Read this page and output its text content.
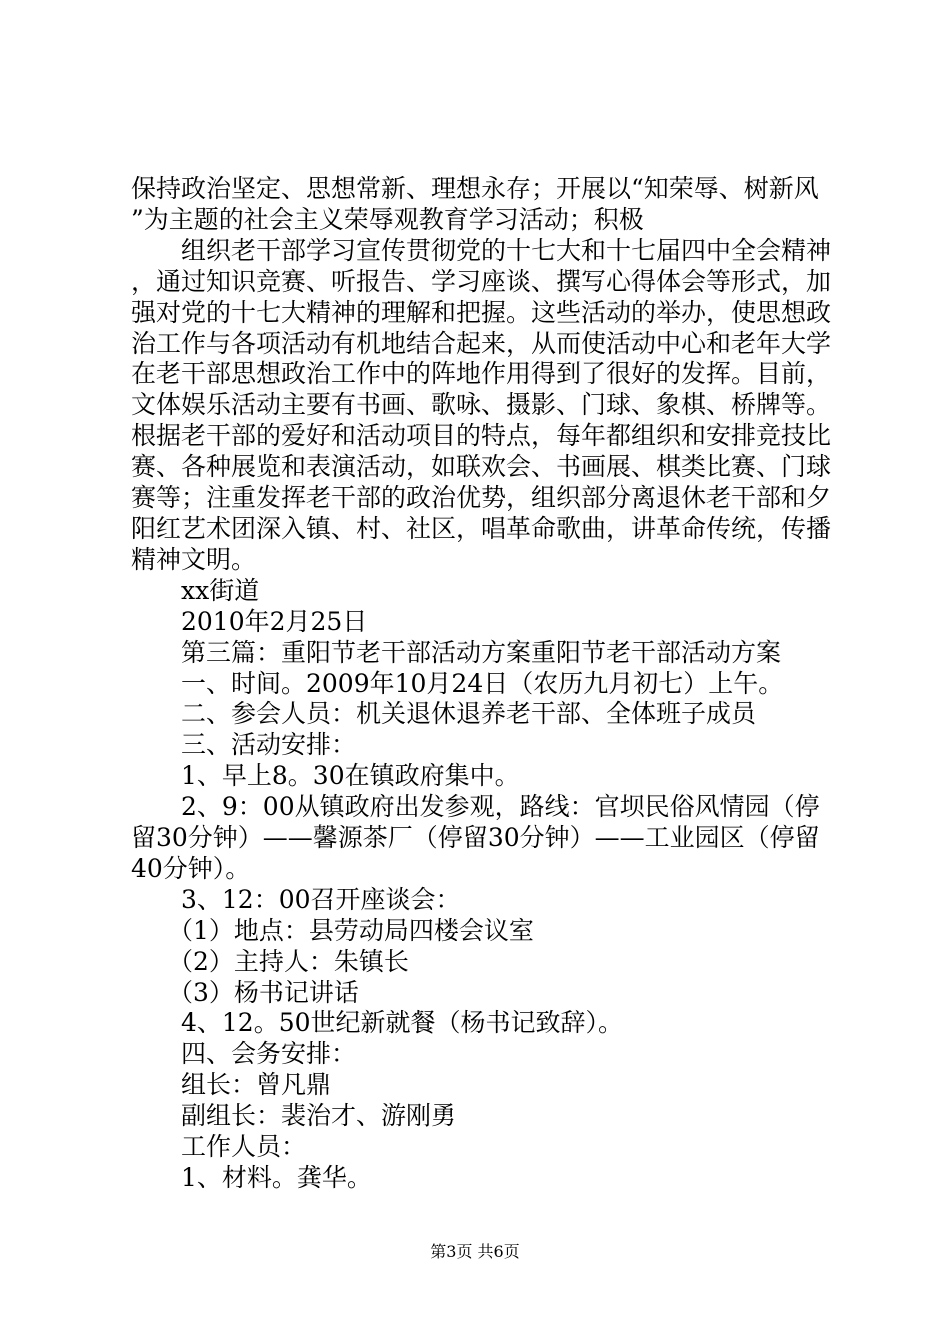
保持政治坚定、思想常新、理想永存；开展以“知荣辱、树新风”为主题的社会主义荣辱观教育学习活动；积极

组织老干部学习宣传贯彻党的十七大和十七届四中全会精神，通过知识竞赛、听报告、学习座谈、撰写心得体会等形式，加强对党的十七大精神的理解和把握。这些活动的举办，使思想政治工作与各项活动有机地结合起来，从而使活动中心和老年大学在老干部思想政治工作中的阵地作用得到了很好的发挥。目前，文体娱乐活动主要有书画、歌咏、摄影、门球、象棋、桥牌等。根据老干部的爱好和活动项目的特点，每年都组织和安排竞技比赛、各种展览和表演活动，如联欢会、书画展、棋类比赛、门球赛等；注重发挥老干部的政治优势，组织部分离退休老干部和夕阳红艺术团深入镇、村、社区，唱革命歌曲，讲革命传统，传播精神文明。

xx街道

2010年2月25日

第三篇：重阳节老干部活动方案重阳节老干部活动方案

一、时间。2009年10月24日（农历九月初七）上午。

二、参会人员：机关退休退养老干部、全体班子成员

三、活动安排：

1、早上8。30在镇政府集中。

2、9：00从镇政府出发参观，路线：官坝民俗风情园（停留30分钟）——馨源茶厂（停留30分钟）——工业园区（停留40分钟）。

3、12：00召开座谈会：

（1）地点：县劳动局四楼会议室

（2）主持人：朱镇长

（3）杨书记讲话

4、12。50世纪新就餐（杨书记致辞）。

四、会务安排：

组长：曾凡鼎

副组长：裴治才、游刚勇

工作人员：

1、材料。龚华。

第3页 共6页
